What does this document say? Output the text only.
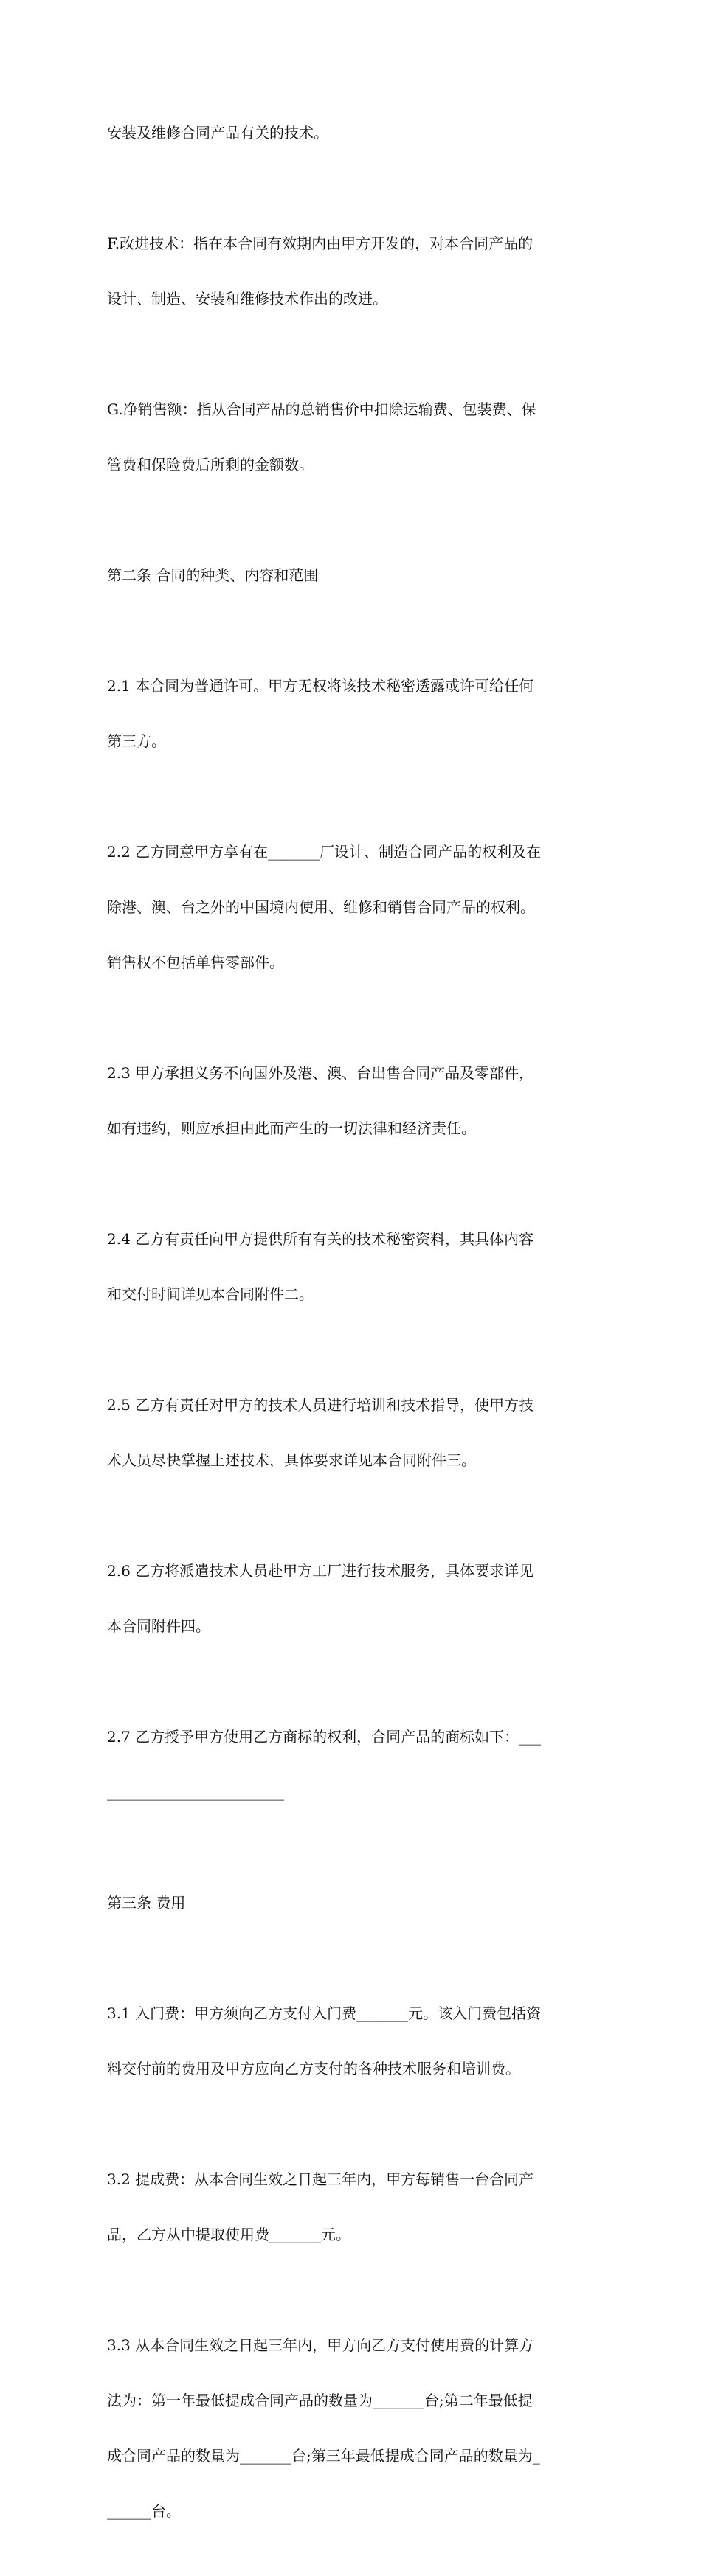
安装及维修合同产品有关的技术。

F.改进技术：指在本合同有效期内由甲方开发的，对本合同产品的

设计、制造、安装和维修技术作出的改进。

G.净销售额：指从合同产品的总销售价中扣除运输费、包装费、保

管费和保险费后所剩的金额数。

第二条 合同的种类、内容和范围

2.1 本合同为普通许可。甲方无权将该技术秘密透露或许可给任何

第三方。

2.2 乙方同意甲方享有在_______厂设计、制造合同产品的权利及在

除港、澳、台之外的中国境内使用、维修和销售合同产品的权利。

销售权不包括单售零部件。

2.3 甲方承担义务不向国外及港、澳、台出售合同产品及零部件，

如有违约，则应承担由此而产生的一切法律和经济责任。

2.4 乙方有责任向甲方提供所有有关的技术秘密资料，其具体内容

和交付时间详见本合同附件二。

2.5 乙方有责任对甲方的技术人员进行培训和技术指导，使甲方技

术人员尽快掌握上述技术，具体要求详见本合同附件三。

2.6 乙方将派遣技术人员赴甲方工厂进行技术服务，具体要求详见

本合同附件四。

2.7 乙方授予甲方使用乙方商标的权利，合同产品的商标如下：___

________________________

第三条 费用

3.1 入门费：甲方须向乙方支付入门费_______元。该入门费包括资

料交付前的费用及甲方应向乙方支付的各种技术服务和培训费。

3.2 提成费：从本合同生效之日起三年内，甲方每销售一台合同产

品，乙方从中提取使用费_______元。

3.3 从本合同生效之日起三年内，甲方向乙方支付使用费的计算方

法为：第一年最低提成合同产品的数量为_______台;第二年最低提

成合同产品的数量为_______台;第三年最低提成合同产品的数量为_

______台。
